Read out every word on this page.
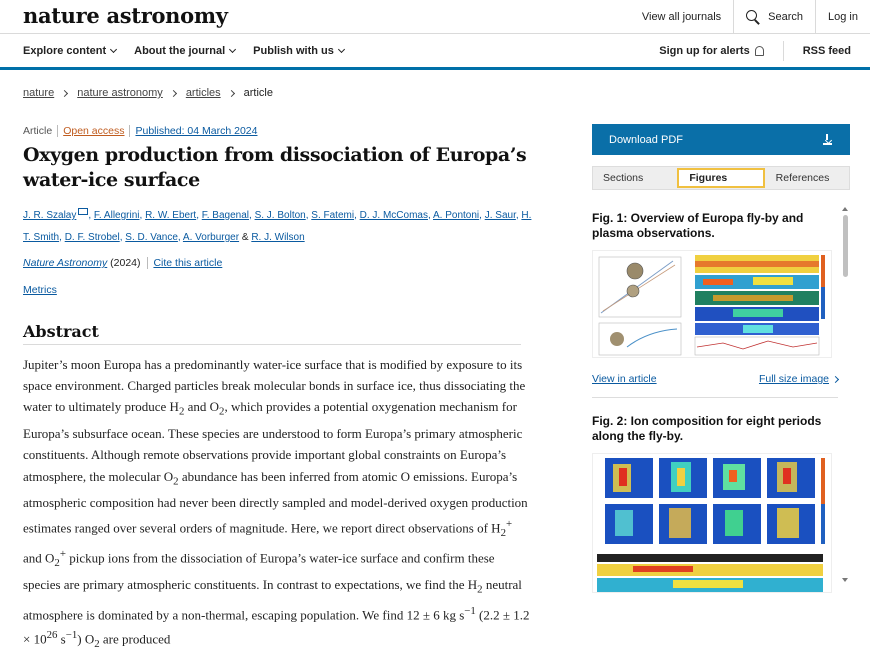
nature astronomy	View all journals	Search	Log in
Explore content	About the journal	Publish with us	Sign up for alerts	RSS feed
nature nature astronomy articles article
Article	Open access	Published: 04 March 2024
Oxygen production from dissociation of Europa’s water-ice surface
J. R. Szalay , F. Allegrini, R. W. Ebert, F. Bagenal, S. J. Bolton, S. Fatemi, D. J. McComas, A. Pontoni, J. Saur, H. T. Smith, D. F. Strobel, S. D. Vance, A. Vorburger & R. J. Wilson
Nature Astronomy (2024) Cite this article
Metrics
Abstract

Jupiter’s moon Europa has a predominantly water-ice surface that is modified by exposure to its space environment. Charged particles break molecular bonds in surface ice, thus dissociating the water to ultimately produce $H_2$ and $O_2$, which provides a potential oxygenation mechanism for Europa’s subsurface ocean. These species are understood to form Europa’s primary atmospheric constituents. Although remote observations provide important global constraints on Europa’s atmosphere, the molecular $O_2$ abundance has been inferred from atomic O emissions. Europa’s atmospheric composition had never been directly sampled and model-derived oxygen production estimates ranged over several orders of magnitude. Here, we report direct observations of $H_2^+$ and $O_2^+$ pickup ions from the dissociation of Europa’s water-ice surface and confirm these species are primary atmospheric constituents. In contrast to expectations, we find the $H_2$ neutral atmosphere is dominated by a non-thermal, escaping population. We find 12 ± 6 kg $s^{-1}$ ($2.2 \pm 1.2 \times 10^{26}$ $s^{-1}$) $O_2$ are produced

Download PDF
Sections	Figures	References
Fig. 1: Overview of Europa fly-by and plasma observations.
View in article	Full size image
Fig. 2: Ion composition for eight periods along the fly-by.
